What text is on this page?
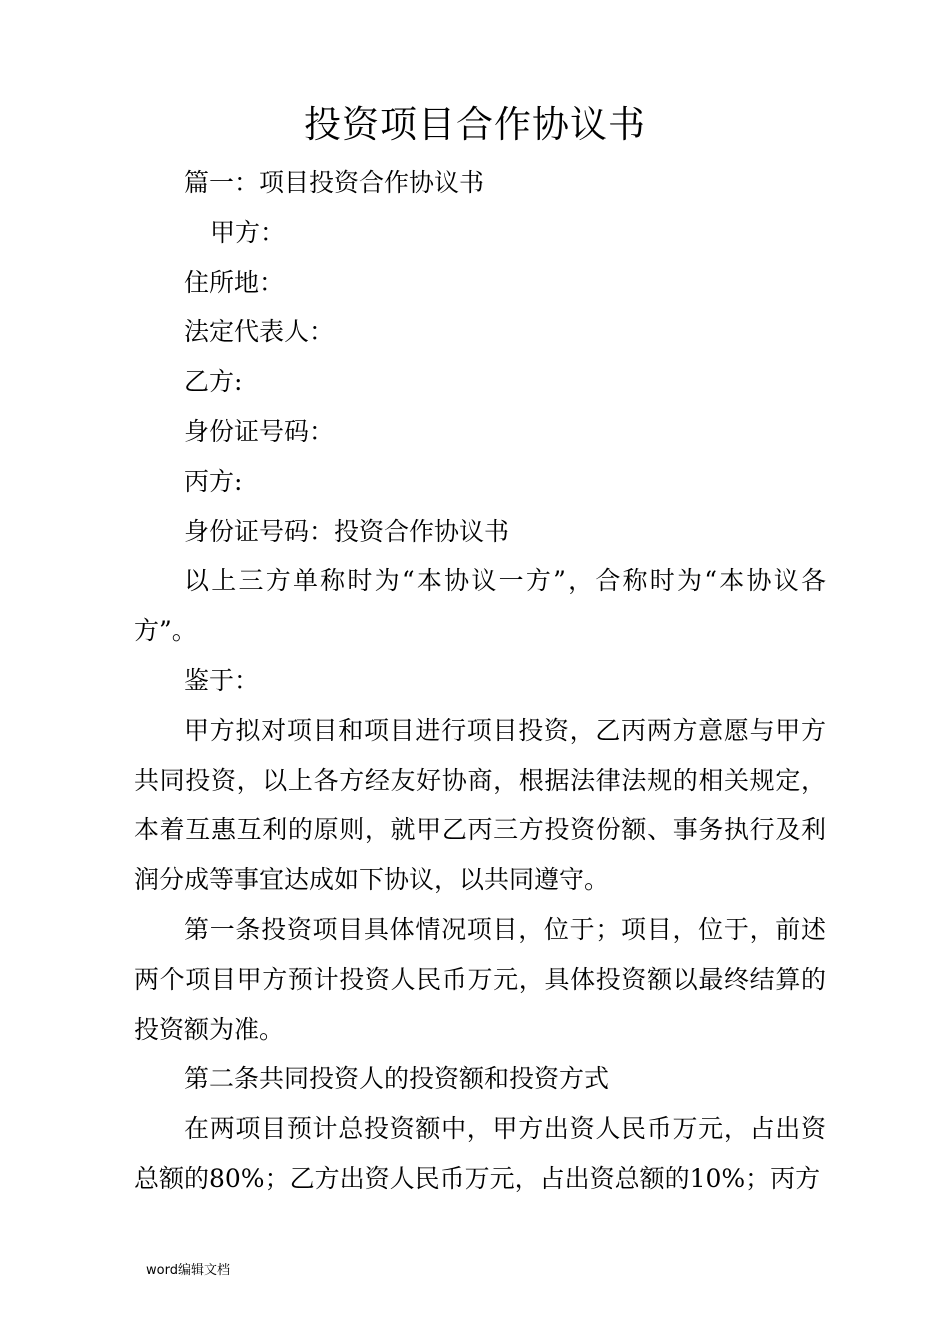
投资项目合作协议书

篇一：项目投资合作协议书

甲方：

住所地：

法定代表人：

乙方:

身份证号码：

丙方:

身份证号码：投资合作协议书

以上三方单称时为“本协议一方”，合称时为“本协议各方”。

鉴于：

甲方拟对项目和项目进行项目投资，乙丙两方意愿与甲方共同投资，以上各方经友好协商，根据法律法规的相关规定，本着互惠互利的原则，就甲乙丙三方投资份额、事务执行及利润分成等事宜达成如下协议，以共同遵守。

第一条投资项目具体情况项目，位于；项目，位于，前述两个项目甲方预计投资人民币万元，具体投资额以最终结算的投资额为准。

第二条共同投资人的投资额和投资方式

在两项目预计总投资额中，甲方出资人民币万元，占出资总额的80%；乙方出资人民币万元，占出资总额的10%；丙方

word编辑文档
